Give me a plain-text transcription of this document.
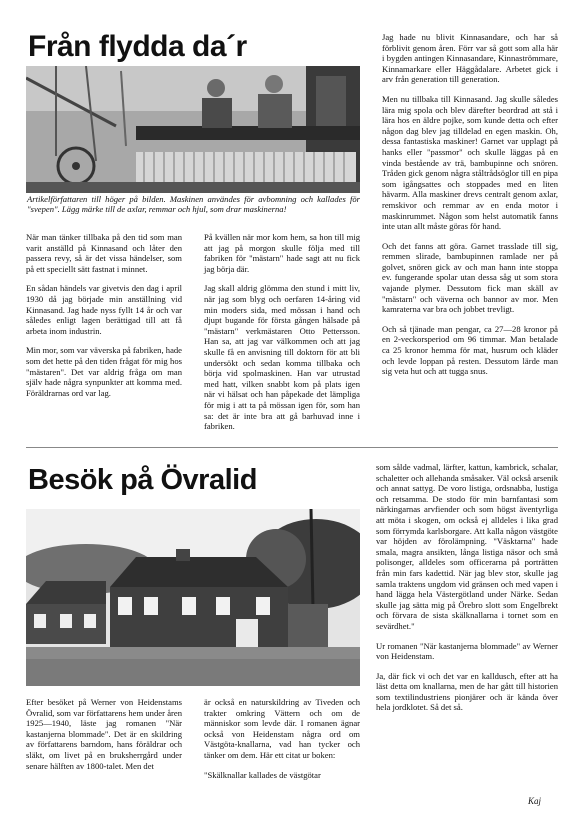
Från flydda da´r
Artikelförfattaren till höger på bilden. Maskinen användes för avbomning och kallades för "svepen". Lägg märke till de axlar, remmar och hjul, som drar maskinerna!

När man tänker tillbaka på den tid som man varit anställd på Kinnasand och låter den passera revy, så är det vissa händelser, som på ett speciellt sätt fastnat i minnet.

En sådan händels var givetvis den dag i april 1930 då jag började min anställning vid Kinnasand. Jag hade nyss fyllt 14 år och var således enligt lagen berättigad till att få arbeta inom industrin.

Min mor, som var väverska på fabriken, hade som det hette på den tiden frågat för mig hos "mästaren". Det var aldrig fråga om man själv hade några synpunkter att komma med. Föräldrarnas ord var lag.

På kvällen när mor kom hem, sa hon till mig att jag på morgon skulle följa med till fabriken för "mästarn" hade sagt att nu fick jag börja där.

Jag skall aldrig glömma den stund i mitt liv, när jag som blyg och oerfaren 14-åring vid min moders sida, med mössan i hand och djupt bugande för första gången hälsade på "mästarn" verkmästaren Otto Pettersson. Han sa, att jag var välkommen och att jag skulle få en anvisning till doktorn för att bli undersökt och sedan komma tillbaka och börja vid spolmaskinen. Han var utrustad med hatt, vilken snabbt kom på plats igen när vi hälsat och han påpekade det lämpliga för mig i att ta på mössan igen för, som han sa: det är inte bra att gå barhuvad inne i fabriken.

Jag hade nu blivit Kinnasandare, och har så förblivit genom åren. Förr var så gott som alla här i bygden antingen Kinnasandare, Kinnaströmmare, Kinnamarkare eller Häggådalare. Arbetet gick i arv från generation till generation.

Men nu tillbaka till Kinnasand. Jag skulle således lära mig spola och blev därefter beordrad att stå i lära hos en äldre pojke, som kunde detta och efter någon dag blev jag tilldelad en egen maskin. Oh, dessa fantastiska maskiner! Garnet var upplagt på hanks eller "passmor" och skulle läggas på en vinda bestående av trä, bambupinne och snören. Tråden gick genom några ståltrådsöglor till en pipa som igångsattes och stoppades med en liten hävarm. Alla maskiner drevs centralt genom axlar, remskivor och remmar av en enda motor i maskinrummet. Någon som helst automatik fanns inte utan allt måste göras för hand.

Och det fanns att göra. Garnet trasslade till sig, remmen slirade, bambupinnen ramlade ner på golvet, snören gick av och man hann inte stoppa ev. fungerande spolar utan dessa såg ut som stora vajande plymer. Dessutom fick man skäll av "mästarn" och väverna och bannor av mor. Men kamraterna var bra och jobbet trevligt.

Och så tjänade man pengar, ca 27—28 kronor på en 2-veckorsperiod om 96 timmar. Man betalade ca 25 kronor hemma för mat, husrum och kläder och levde loppan på resten. Dessutom lärde man sig veta hut och att tugga snus.

Besök på Övralid

Efter besöket på Werner von Heidenstams Övralid, som var författarens hem under åren 1925—1940, läste jag romanen "När kastanjerna blommade". Det är en skildring av författarens barndom, hans föräldrar och släkt, om livet på en bruksherrgård under senare hälften av 1800-talet. Men det

är också en naturskildring av Tiveden och trakter omkring Vättern och om de människor som levde där. I romanen ägnar också von Heidenstam några ord om Västgöta-knallarna, vad han tycker och tänker om dem. Här ett citat ur boken:

"Skälknallar kallades de västgötar

som sålde vadmal, lärfter, kattun, kambrick, schalar, schaletter och allehanda småsaker. Väl också arsenik och annat sattyg. De voro listiga, ordsnabba, lustiga och retsamma. De stodo för min barnfantasi som närkingarnas arvfiender och som högst äventyrliga att möta i skogen, om också ej alldeles i lika grad som förrymda karlsborgare. Att kalla någon västgöte var höjden av förolämpning. "Väsktarna" hade smala, magra ansikten, långa listiga näsor och små polisonger, alldeles som officerarna på porträtten från min fars kadettid. När jag blev stor, skulle jag samla traktens ungdom vid gränsen och med vapen i hand lägga hela Västergötland under Närke. Sedan skulle jag sätta mig på Örebro slott som Engelbrekt och förvara de sista skälknallarna i tornet som en sevärdhet."

Ur romanen "När kastanjerna blommade" av Werner von Heidenstam.

Ja, där fick vi och det var en kalldusch, efter att ha läst detta om knallarna, men de har gått till historien som textilindustriens pionjärer och är kända över hela jordklotet. Så det så.

Kaj
